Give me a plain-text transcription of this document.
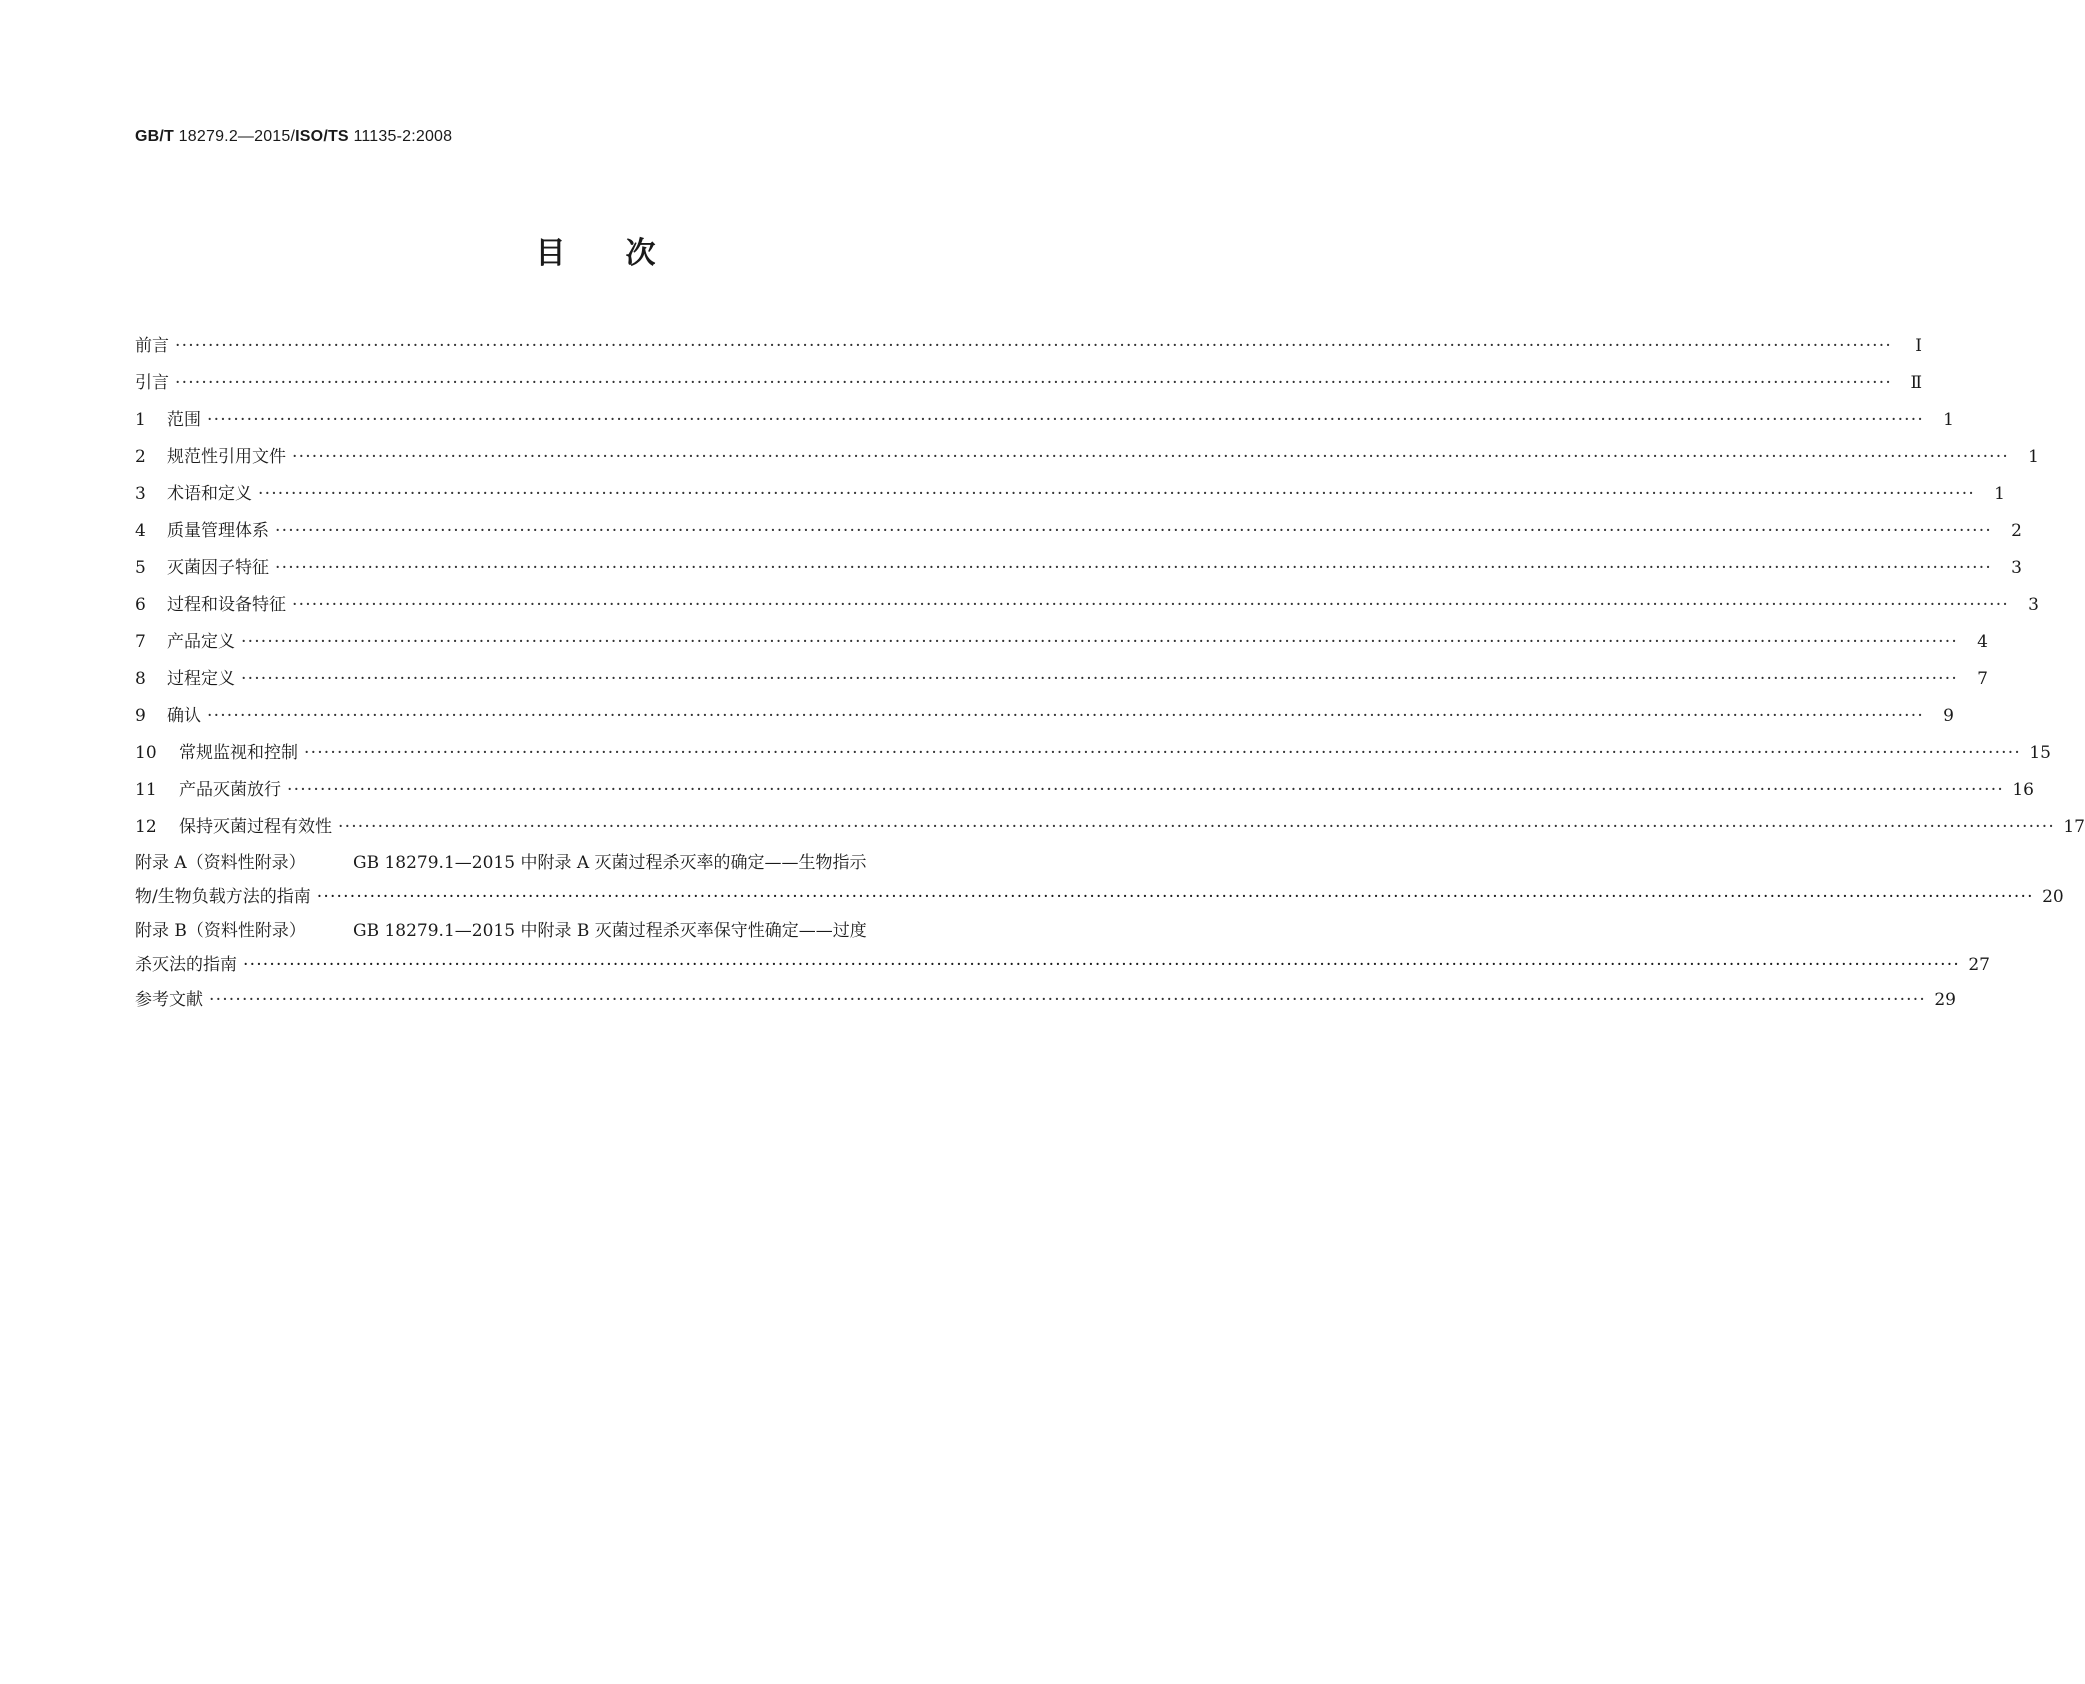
GB/T 18279.2—2015/ISO/TS 11135-2:2008
目次
前言 ····································································································································································································································································	Ⅰ
引言 ····································································································································································································································································	Ⅱ
1	范围 ····································································································································································································································································	1
2	规范性引用文件 ····································································································································································································································································	1
3	术语和定义 ····································································································································································································································································	1
4	质量管理体系 ····································································································································································································································································	2
5	灭菌因子特征 ····································································································································································································································································	3
6	过程和设备特征 ····································································································································································································································································	3
7	产品定义 ····································································································································································································································································	4
8	过程定义 ····································································································································································································································································	7
9	确认 ····································································································································································································································································	9
10	常规监视和控制 ···································································································································································································································································· 15
11	产品灭菌放行 ···································································································································································································································································· 16
12	保持灭菌过程有效性 ···································································································································································································································································· 17
附录 A（资料性附录）	GB 18279.1—2015 中附录 A 灭菌过程杀灭率的确定——生物指示
物/生物负载方法的指南 ···································································································································································································································································· 20
附录 B（资料性附录）	GB 18279.1—2015 中附录 B 灭菌过程杀灭率保守性确定——过度
杀灭法的指南 ···································································································································································································································································· 27
参考文献 ···································································································································································································································································· 29
